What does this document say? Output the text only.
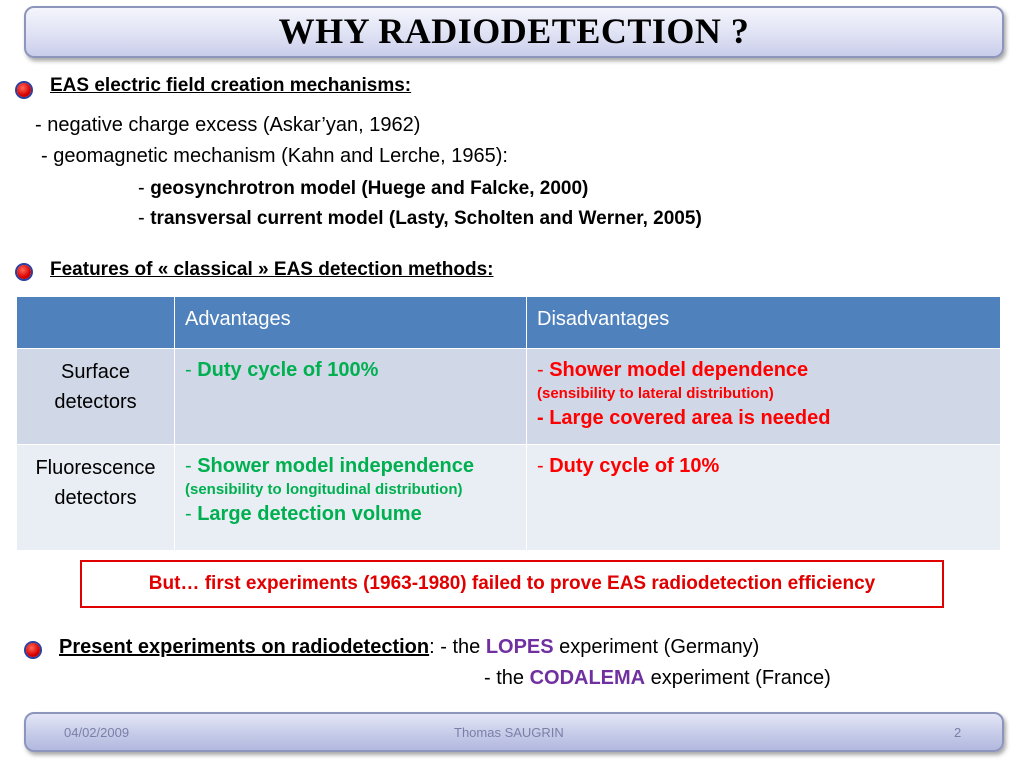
WHY RADIODETECTION ?
EAS electric field creation mechanisms:
- negative charge excess (Askar’yan, 1962)
- geomagnetic mechanism (Kahn and Lerche, 1965):
- geosynchrotron model (Huege and Falcke, 2000)
- transversal current model (Lasty, Scholten and Werner, 2005)
Features of « classical » EAS detection methods:
	Advantages	Disadvantages
Surface detectors	- Duty cycle of 100%	- Shower model dependence
(sensibility to lateral distribution)
- Large covered area is needed
Fluorescence detectors	- Shower model independence
(sensibility to longitudinal distribution)
- Large detection volume	- Duty cycle of 10%
But… first experiments (1963-1980) failed to prove EAS radiodetection efficiency
Present experiments on radiodetection: - the LOPES experiment (Germany)
- the CODALEMA experiment (France)
04/02/2009	Thomas SAUGRIN	2
